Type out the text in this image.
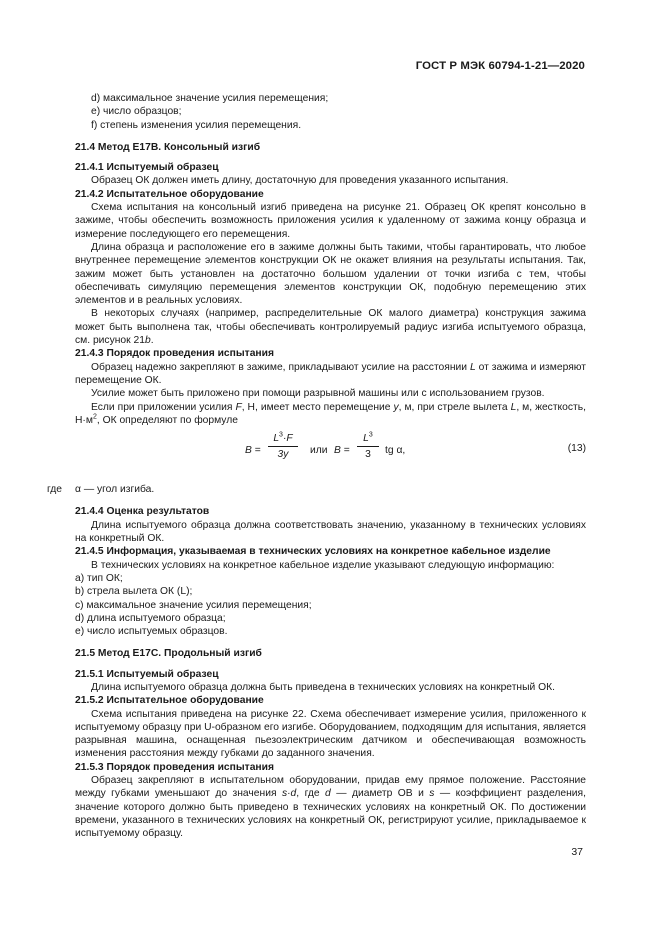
ГОСТ Р МЭК 60794-1-21—2020

d) максимальное значение усилия перемещения;

e) число образцов;

f) степень изменения усилия перемещения.

21.4 Метод E17B. Консольный изгиб

21.4.1 Испытуемый образец

Образец ОК должен иметь длину, достаточную для проведения указанного испытания.

21.4.2 Испытательное оборудование

Схема испытания на консольный изгиб приведена на рисунке 21. Образец ОК крепят консольно в зажиме, чтобы обеспечить возможность приложения усилия к удаленному от зажима концу образца и измерение последующего его перемещения.

Длина образца и расположение его в зажиме должны быть такими, чтобы гарантировать, что любое внутреннее перемещение элементов конструкции ОК не окажет влияния на результаты испытания. Так, зажим может быть установлен на достаточно большом удалении от точки изгиба с тем, чтобы обеспечивать симуляцию перемещения элементов конструкции ОК, подобную перемещению этих элементов и в реальных условиях.

В некоторых случаях (например, распределительные ОК малого диаметра) конструкция зажима может быть выполнена так, чтобы обеспечивать контролируемый радиус изгиба испытуемого образца, см. рисунок 21b.

21.4.3 Порядок проведения испытания

Образец надежно закрепляют в зажиме, прикладывают усилие на расстоянии L от зажима и измеряют перемещение ОК.

Усилие может быть приложено при помощи разрывной машины или с использованием грузов.

Если при приложении усилия F, Н, имеет место перемещение y, м, при стреле вылета L, м, жесткость, $Н\cdot м^2$, ОК определяют по формуле

$B = \frac{L^3\cdot F}{3y}$ или $B = \frac{L^3}{3}$ tg α,	(13)

где α — угол изгиба.

21.4.4 Оценка результатов

Длина испытуемого образца должна соответствовать значению, указанному в технических условиях на конкретный ОК.

21.4.5 Информация, указываемая в технических условиях на конкретное кабельное изделие

В технических условиях на конкретное кабельное изделие указывают следующую информацию:

a) тип ОК;

b) стрела вылета ОК (L);

c) максимальное значение усилия перемещения;

d) длина испытуемого образца;

e) число испытуемых образцов.

21.5 Метод E17C. Продольный изгиб

21.5.1 Испытуемый образец

Длина испытуемого образца должна быть приведена в технических условиях на конкретный ОК.

21.5.2 Испытательное оборудование

Схема испытания приведена на рисунке 22. Схема обеспечивает измерение усилия, приложенного к испытуемому образцу при U-образном его изгибе. Оборудованием, подходящим для испытания, является разрывная машина, оснащенная пьезоэлектрическим датчиком и обеспечивающая возможность изменения расстояния между губками до заданного значения.

21.5.3 Порядок проведения испытания

Образец закрепляют в испытательном оборудовании, придав ему прямое положение. Расстояние между губками уменьшают до значения s·d, где d — диаметр ОВ и s — коэффициент разделения, значение которого должно быть приведено в технических условиях на конкретный ОК. По достижении времени, указанного в технических условиях на конкретный ОК, регистрируют усилие, прикладываемое к испытуемому образцу.

37
